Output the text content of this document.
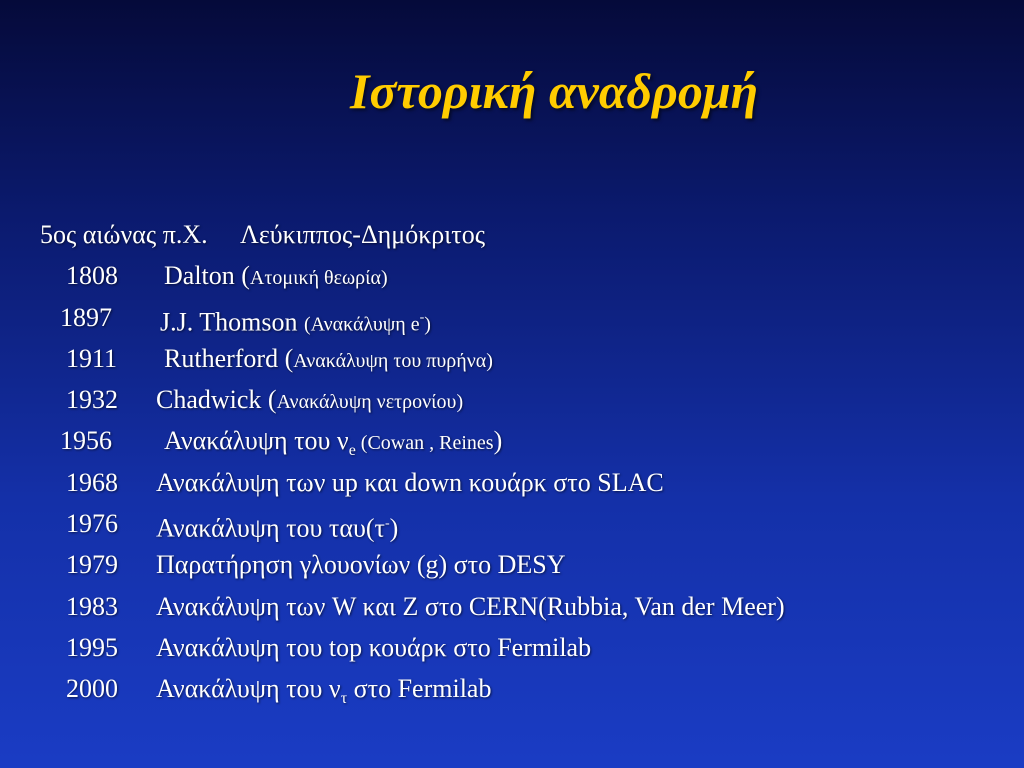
Ιστορική αναδρομή
5ος αιώνας π.Χ. Λεύκιππος-Δημόκριτος
1808 Dalton (Ατομική θεωρία)
1897 J.J. Thomson (Ανακάλυψη e-)
1911 Rutherford (Ανακάλυψη του πυρήνα)
1932 Chadwick (Ανακάλυψη νετρονίου)
1956 Ανακάλυψη του $\nu_e$ (Cowan , Reines)
1968 Ανακάλυψη των up και down κουάρκ στο SLAC
1976 Ανακάλυψη του ταυ(τ-)
1979 Παρατήρηση γλουονίων (g) στο DESY
1983 Ανακάλυψη των W και Z στο CERN(Rubbia, Van der Meer)
1995 Ανακάλυψη του top κουάρκ στο Fermilab
2000 Ανακάλυψη του $\nu_\tau$ στο Fermilab
